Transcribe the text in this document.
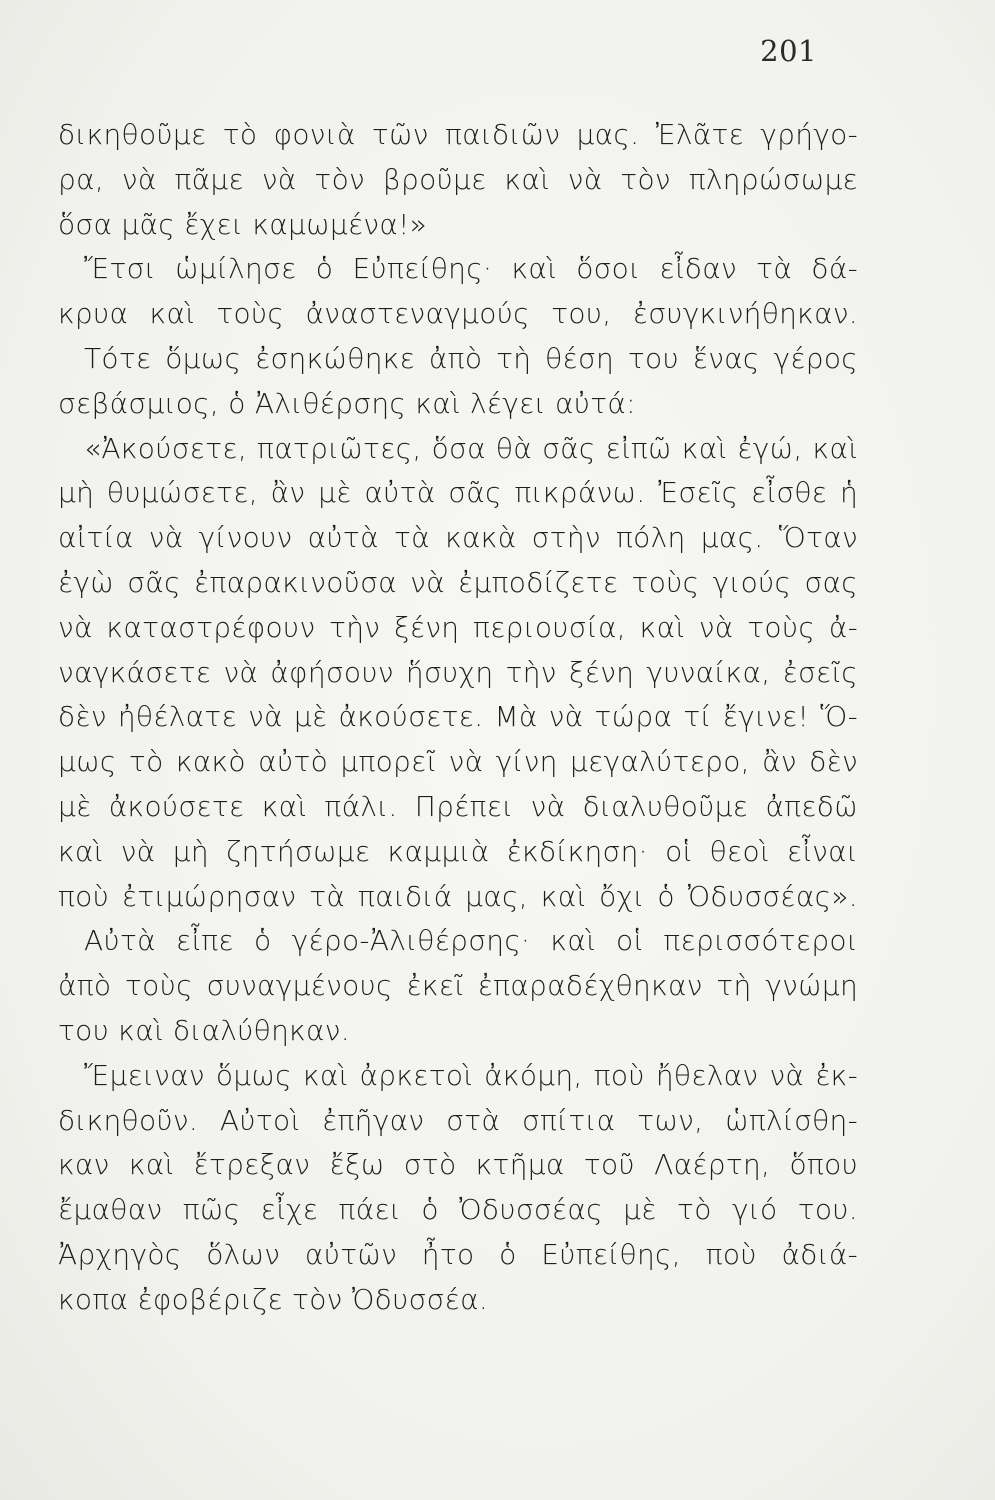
201
δικηθοῦμε τὸ φονιὰ τῶν παιδιῶν μας. Ἐλᾶτε γρήγο-
ρα, νὰ πᾶμε νὰ τὸν βροῦμε καὶ νὰ τὸν πληρώσωμε
ὅσα μᾶς ἔχει καμωμένα!»
Ἔτσι ὡμίλησε ὁ Εὐπείθης· καὶ ὅσοι εἶδαν τὰ δά-
κρυα καὶ τοὺς ἀναστεναγμούς του, ἐσυγκινήθηκαν.
Τότε ὅμως ἐσηκώθηκε ἀπὸ τὴ θέση του ἕνας γέρος
σεβάσμιος, ὁ Ἀλιθέρσης καὶ λέγει αὐτά:
«Ἀκούσετε, πατριῶτες, ὅσα θὰ σᾶς εἰπῶ καὶ ἐγώ, καὶ
μὴ θυμώσετε, ἂν μὲ αὐτὰ σᾶς πικράνω. Ἐσεῖς εἶσθε ἡ
αἰτία νὰ γίνουν αὐτὰ τὰ κακὰ στὴν πόλη μας. Ὅταν
ἐγὼ σᾶς ἐπαρακινοῦσα νὰ ἐμποδίζετε τοὺς γιούς σας
νὰ καταστρέφουν τὴν ξένη περιουσία, καὶ νὰ τοὺς ἀ-
ναγκάσετε νὰ ἀφήσουν ἥσυχη τὴν ξένη γυναίκα, ἐσεῖς
δὲν ἠθέλατε νὰ μὲ ἀκούσετε. Μὰ νὰ τώρα τί ἔγινε! Ὅ-
μως τὸ κακὸ αὐτὸ μπορεῖ νὰ γίνη μεγαλύτερο, ἂν δὲν
μὲ ἀκούσετε καὶ πάλι. Πρέπει νὰ διαλυθοῦμε ἀπεδῶ
καὶ νὰ μὴ ζητήσωμε καμμιὰ ἐκδίκηση· οἱ θεοὶ εἶναι
ποὺ ἐτιμώρησαν τὰ παιδιά μας, καὶ ὄχι ὁ Ὀδυσσέας».
Αὐτὰ εἶπε ὁ γέρο-Ἀλιθέρσης· καὶ οἱ περισσότεροι
ἀπὸ τοὺς συναγμένους ἐκεῖ ἐπαραδέχθηκαν τὴ γνώμη
του καὶ διαλύθηκαν.
Ἔμειναν ὅμως καὶ ἀρκετοὶ ἀκόμη, ποὺ ἤθελαν νὰ ἐκ-
δικηθοῦν. Αὐτοὶ ἐπῆγαν στὰ σπίτια των, ὡπλίσθη-
καν καὶ ἔτρεξαν ἔξω στὸ κτῆμα τοῦ Λαέρτη, ὅπου
ἔμαθαν πῶς εἶχε πάει ὁ Ὀδυσσέας μὲ τὸ γιό του.
Ἀρχηγὸς ὅλων αὐτῶν ἦτο ὁ Εὐπείθης, ποὺ ἀδιά-
κοπα ἐφοβέριζε τὸν Ὀδυσσέα.
